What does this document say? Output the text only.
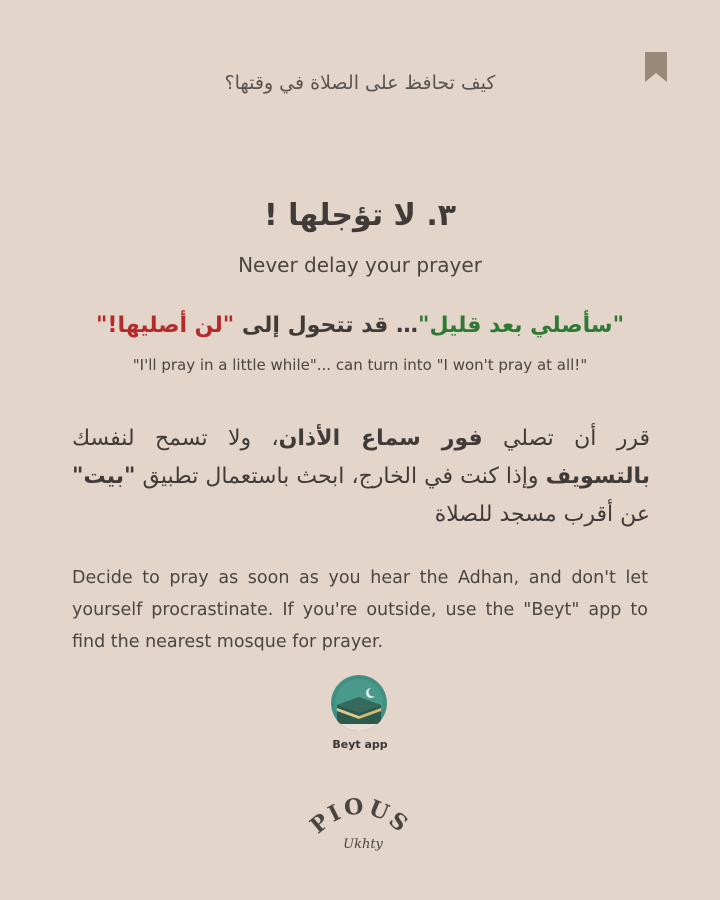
كيف تحافظ على الصلاة في وقتها؟
٣. لا تؤجلها !
Never delay your prayer
"سأصلي بعد قليل"… قد تتحول إلى "لن أصليها!"
"I'll pray in a little while"... can turn into "I won't pray at all!"
قرر أن تصلي فور سماع الأذان، ولا تسمح لنفسك بالتسويف وإذا كنت في الخارج، ابحث باستعمال تطبيق "بيت" عن أقرب مسجد للصلاة
Decide to pray as soon as you hear the Adhan, and don't let yourself procrastinate. If you're outside, use the "Beyt" app to find the nearest mosque for prayer.
Beyt app
PIOUS
Ukhty
